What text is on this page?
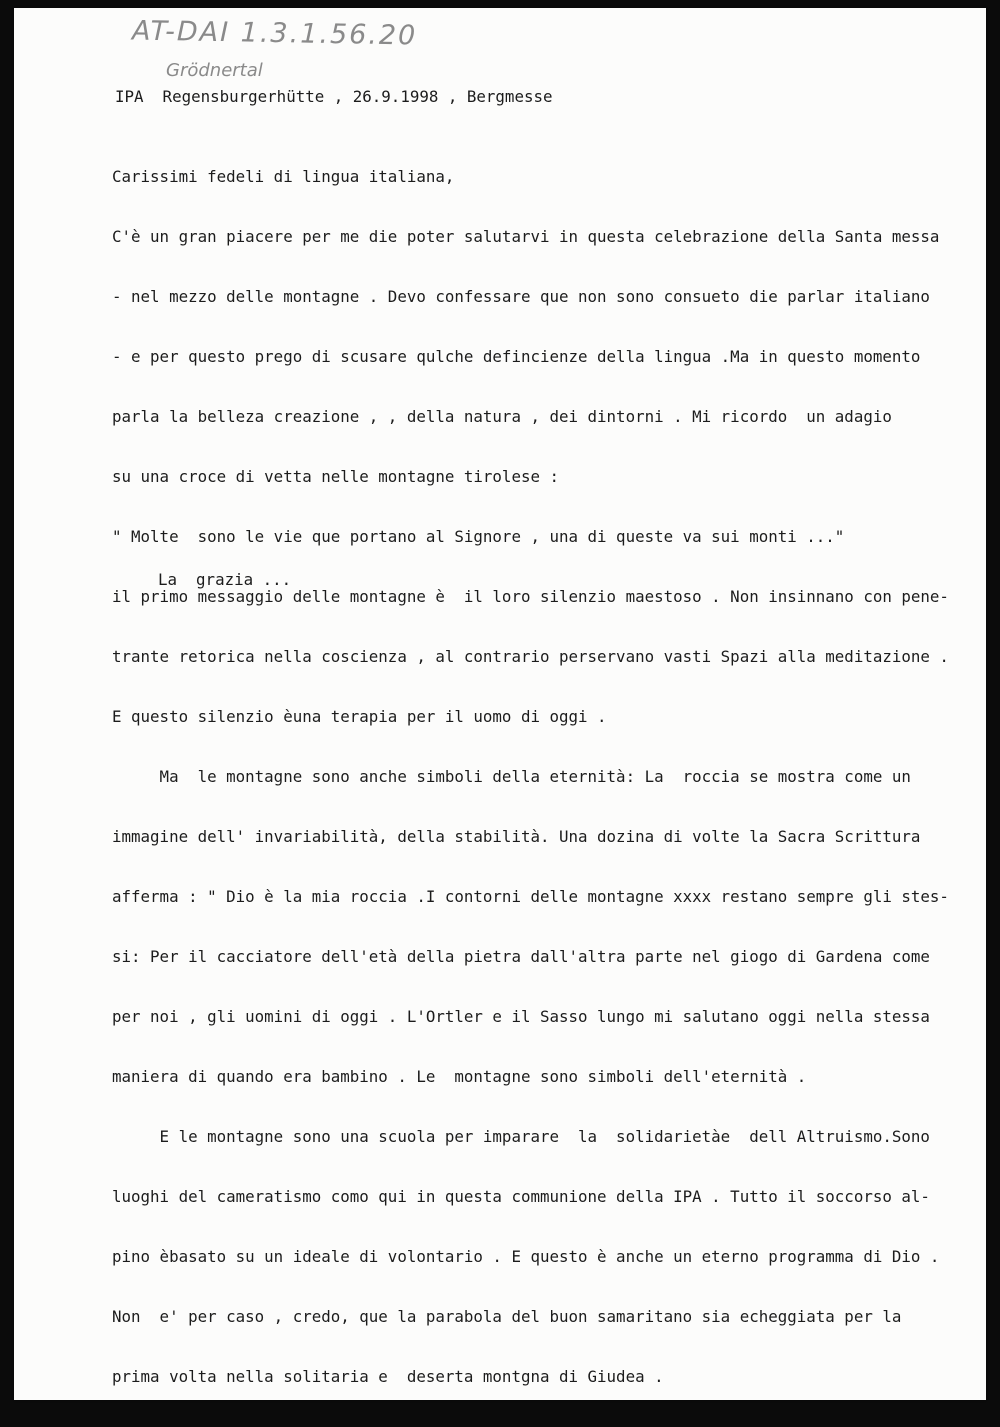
AT-DAI 1.3.1.56.20
Grödnertal
IPA  Regensburgerhütte , 26.9.1998 , Bergmesse

Carissimi fedeli di lingua italiana,

C'è un gran piacere per me die poter salutarvi in questa celebrazione della Santa messa

- nel mezzo delle montagne . Devo confessare que non sono consueto die parlar italiano

- e per questo prego di scusare qulche defincienze della lingua .Ma in questo momento

parla la belleza creazione , , della natura , dei dintorni . Mi ricordo  un adagio

su una croce di vetta nelle montagne tirolese :

" Molte  sono le vie que portano al Signore , una di queste va sui monti ..."

il primo messaggio delle montagne è  il loro silenzio maestoso . Non insinnano con pene-

trante retorica nella coscienza , al contrario perservano vasti Spazi alla meditazione .

E questo silenzio èuna terapia per il uomo di oggi .

Ma  le montagne sono anche simboli della eternità: La  roccia se mostra come un

immagine dell' invariabilità, della stabilità. Una dozina di volte la Sacra Scrittura

afferma : " Dio è la mia roccia .I contorni delle montagne xxxx restano sempre gli stes-

si: Per il cacciatore dell'età della pietra dall'altra parte nel giogo di Gardena come

per noi , gli uomini di oggi . L'Ortler e il Sasso lungo mi salutano oggi nella stessa

maniera di quando era bambino . Le  montagne sono simboli dell'eternità .

E le montagne sono una scuola per imparare  la  solidarietàe  dell Altruismo.Sono

luoghi del cameratismo como qui in questa communione della IPA . Tutto il soccorso al-

pino èbasato su un ideale di volontario . E questo è anche un eterno programma di Dio .

Non  e' per caso , credo, que la parabola del buon samaritano sia echeggiata per la

prima volta nella solitaria e  deserta montgna di Giudea .

La  grazia ...
